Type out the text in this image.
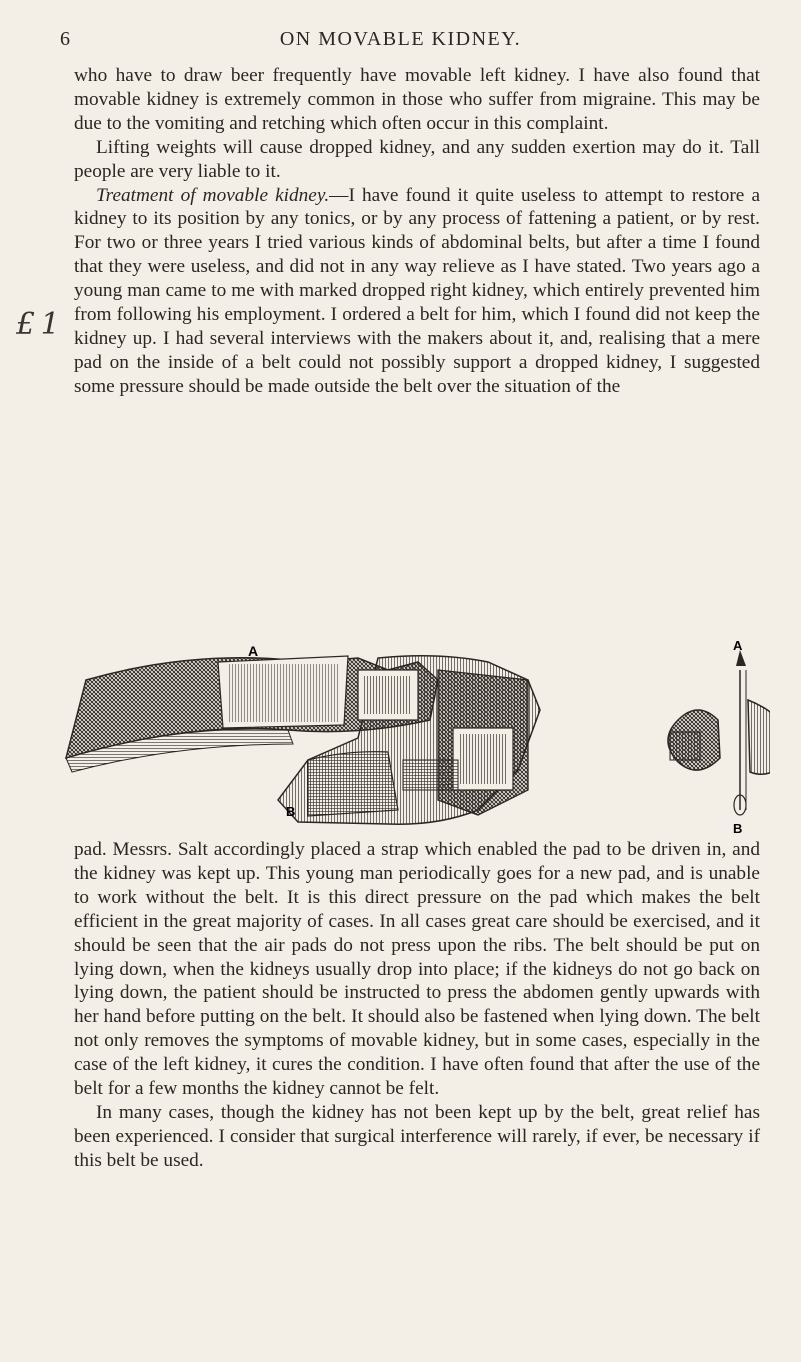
6	ON MOVABLE KIDNEY.
£ 1

who have to draw beer frequently have movable left kidney. I have also found that movable kidney is extremely common in those who suffer from migraine. This may be due to the vomiting and retching which often occur in this complaint.

Lifting weights will cause dropped kidney, and any sudden exertion may do it. Tall people are very liable to it.

Treatment of movable kidney.—I have found it quite useless to attempt to restore a kidney to its position by any tonics, or by any process of fattening a patient, or by rest. For two or three years I tried various kinds of abdominal belts, but after a time I found that they were useless, and did not in any way relieve as I have stated. Two years ago a young man came to me with marked dropped right kidney, which entirely prevented him from following his employment. I ordered a belt for him, which I found did not keep the kidney up. I had several interviews with the makers about it, and, realising that a mere pad on the inside of a belt could not possibly support a dropped kidney, I suggested some pressure should be made outside the belt over the situation of the

A
B
A
B

pad. Messrs. Salt accordingly placed a strap which enabled the pad to be driven in, and the kidney was kept up. This young man periodically goes for a new pad, and is unable to work without the belt. It is this direct pressure on the pad which makes the belt efficient in the great majority of cases. In all cases great care should be exercised, and it should be seen that the air pads do not press upon the ribs. The belt should be put on lying down, when the kidneys usually drop into place; if the kidneys do not go back on lying down, the patient should be instructed to press the abdomen gently upwards with her hand before putting on the belt. It should also be fastened when lying down. The belt not only removes the symptoms of movable kidney, but in some cases, especially in the case of the left kidney, it cures the condition. I have often found that after the use of the belt for a few months the kidney cannot be felt.

In many cases, though the kidney has not been kept up by the belt, great relief has been experienced. I consider that surgical interference will rarely, if ever, be necessary if this belt be used.
